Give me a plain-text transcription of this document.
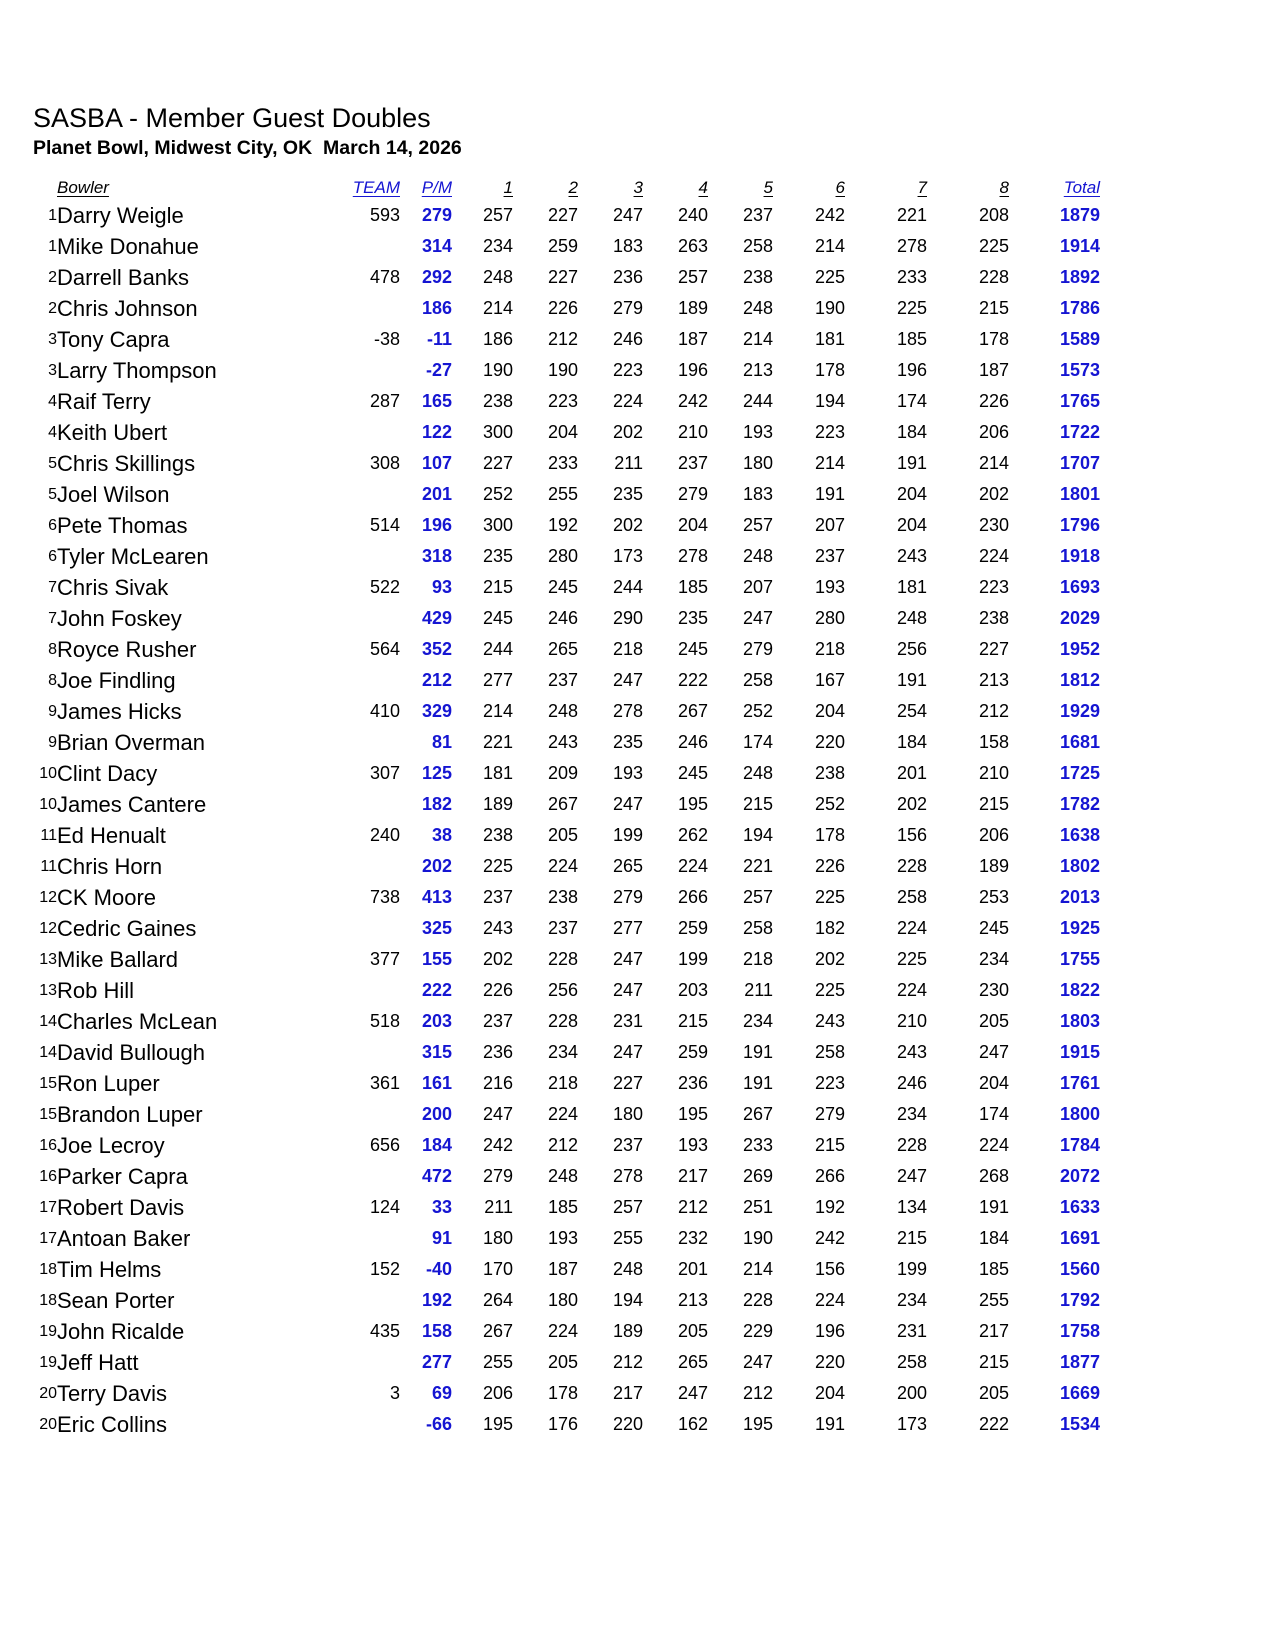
SASBA - Member Guest Doubles
Planet Bowl, Midwest City, OK  March 14, 2026
	Bowler	TEAM	P/M	1	2	3	4	5	6	7	8	Total
1	Darry Weigle	593	279	257	227	247	240	237	242	221	208	1879
1	Mike Donahue		314	234	259	183	263	258	214	278	225	1914
2	Darrell Banks	478	292	248	227	236	257	238	225	233	228	1892
2	Chris Johnson		186	214	226	279	189	248	190	225	215	1786
3	Tony Capra	-38	-11	186	212	246	187	214	181	185	178	1589
3	Larry Thompson		-27	190	190	223	196	213	178	196	187	1573
4	Raif Terry	287	165	238	223	224	242	244	194	174	226	1765
4	Keith Ubert		122	300	204	202	210	193	223	184	206	1722
5	Chris Skillings	308	107	227	233	211	237	180	214	191	214	1707
5	Joel Wilson		201	252	255	235	279	183	191	204	202	1801
6	Pete Thomas	514	196	300	192	202	204	257	207	204	230	1796
6	Tyler McLearen		318	235	280	173	278	248	237	243	224	1918
7	Chris Sivak	522	93	215	245	244	185	207	193	181	223	1693
7	John Foskey		429	245	246	290	235	247	280	248	238	2029
8	Royce Rusher	564	352	244	265	218	245	279	218	256	227	1952
8	Joe Findling		212	277	237	247	222	258	167	191	213	1812
9	James Hicks	410	329	214	248	278	267	252	204	254	212	1929
9	Brian Overman		81	221	243	235	246	174	220	184	158	1681
10	Clint Dacy	307	125	181	209	193	245	248	238	201	210	1725
10	James Cantere		182	189	267	247	195	215	252	202	215	1782
11	Ed Henualt	240	38	238	205	199	262	194	178	156	206	1638
11	Chris Horn		202	225	224	265	224	221	226	228	189	1802
12	CK Moore	738	413	237	238	279	266	257	225	258	253	2013
12	Cedric Gaines		325	243	237	277	259	258	182	224	245	1925
13	Mike Ballard	377	155	202	228	247	199	218	202	225	234	1755
13	Rob Hill		222	226	256	247	203	211	225	224	230	1822
14	Charles McLean	518	203	237	228	231	215	234	243	210	205	1803
14	David Bullough		315	236	234	247	259	191	258	243	247	1915
15	Ron Luper	361	161	216	218	227	236	191	223	246	204	1761
15	Brandon Luper		200	247	224	180	195	267	279	234	174	1800
16	Joe Lecroy	656	184	242	212	237	193	233	215	228	224	1784
16	Parker Capra		472	279	248	278	217	269	266	247	268	2072
17	Robert Davis	124	33	211	185	257	212	251	192	134	191	1633
17	Antoan Baker		91	180	193	255	232	190	242	215	184	1691
18	Tim Helms	152	-40	170	187	248	201	214	156	199	185	1560
18	Sean Porter		192	264	180	194	213	228	224	234	255	1792
19	John Ricalde	435	158	267	224	189	205	229	196	231	217	1758
19	Jeff Hatt		277	255	205	212	265	247	220	258	215	1877
20	Terry Davis	3	69	206	178	217	247	212	204	200	205	1669
20	Eric Collins		-66	195	176	220	162	195	191	173	222	1534
